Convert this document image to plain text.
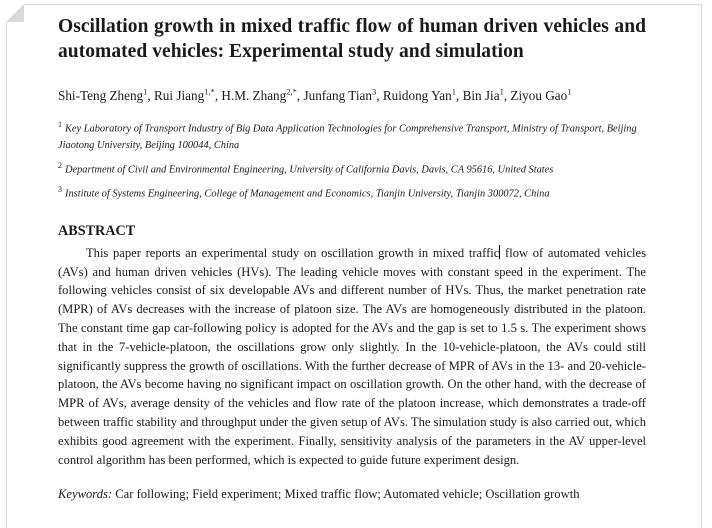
Oscillation growth in mixed traffic flow of human driven vehicles and automated vehicles: Experimental study and simulation
Shi-Teng Zheng$^1$, Rui Jiang$^{1,*}$, H.M. Zhang$^{2,*}$, Junfang Tian$^3$, Ruidong Yan$^1$, Bin Jia$^1$, Ziyou Gao$^1$
$^1$ Key Laboratory of Transport Industry of Big Data Application Technologies for Comprehensive Transport, Ministry of Transport, Beijing Jiaotong University, Beijing 100044, China
$^2$ Department of Civil and Environmental Engineering, University of California Davis, Davis, CA 95616, United States
$^3$ Institute of Systems Engineering, College of Management and Economics, Tianjin University, Tianjin 300072, China
ABSTRACT
This paper reports an experimental study on oscillation growth in mixed traffic flow of automated vehicles (AVs) and human driven vehicles (HVs). The leading vehicle moves with constant speed in the experiment. The following vehicles consist of six developable AVs and different number of HVs. Thus, the market penetration rate (MPR) of AVs decreases with the increase of platoon size. The AVs are homogeneously distributed in the platoon. The constant time gap car-following policy is adopted for the AVs and the gap is set to 1.5 s. The experiment shows that in the 7-vehicle-platoon, the oscillations grow only slightly. In the 10-vehicle-platoon, the AVs could still significantly suppress the growth of oscillations. With the further decrease of MPR of AVs in the 13- and 20-vehicle-platoon, the AVs become having no significant impact on oscillation growth. On the other hand, with the decrease of MPR of AVs, average density of the vehicles and flow rate of the platoon increase, which demonstrates a trade-off between traffic stability and throughput under the given setup of AVs. The simulation study is also carried out, which exhibits good agreement with the experiment. Finally, sensitivity analysis of the parameters in the AV upper-level control algorithm has been performed, which is expected to guide future experiment design.
Keywords: Car following; Field experiment; Mixed traffic flow; Automated vehicle; Oscillation growth
